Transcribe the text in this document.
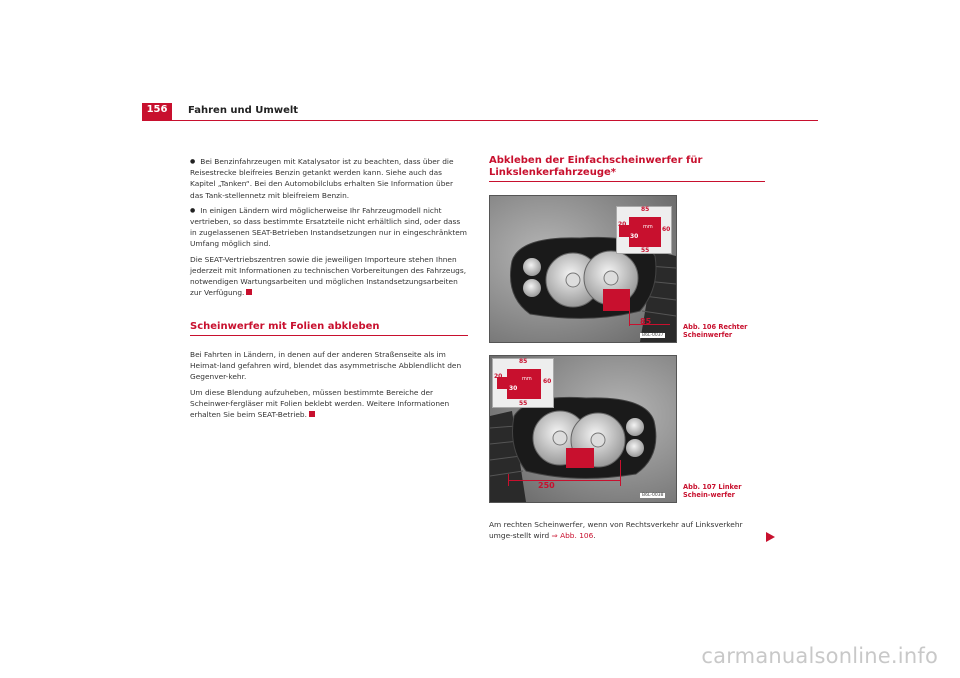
156	Fahren und Umwelt

● Bei Benzinfahrzeugen mit Katalysator ist zu beachten, dass über die Reisestrecke bleifreies Benzin getankt werden kann. Siehe auch das Kapitel „Tanken“. Bei den Automobilclubs erhalten Sie Information über das Tank-stellennetz mit bleifreiem Benzin.

● In einigen Ländern wird möglicherweise Ihr Fahrzeugmodell nicht vertrieben, so dass bestimmte Ersatzteile nicht erhältlich sind, oder dass in zugelassenen SEAT-Betrieben Instandsetzungen nur in eingeschränktem Umfang möglich sind.

Die SEAT-Vertriebszentren sowie die jeweiligen Importeure stehen Ihnen jederzeit mit Informationen zu technischen Vorbereitungen des Fahrzeugs, notwendigen Wartungsarbeiten und möglichen Instandsetzungsarbeiten zur Verfügung.

Scheinwerfer mit Folien abkleben

Bei Fahrten in Ländern, in denen auf der anderen Straßenseite als im Heimat-land gefahren wird, blendet das asymmetrische Abblendlicht den Gegenver-kehr.

Um diese Blendung aufzuheben, müssen bestimmte Bereiche der Scheinwer-fergläser mit Folien beklebt werden. Weitere Informationen erhalten Sie beim SEAT-Betrieb.

Abkleben der Einfachscheinwerfer für Linkslenkerfahrzeuge*
85
20
30
mm 60
55
85
B6L-0037
Abb. 106 Rechter Scheinwerfer
85
20
30
mm 60
55
250
B6L-0038
Abb. 107 Linker Schein-werfer
Am rechten Scheinwerfer, wenn von Rechtsverkehr auf Linksverkehr umge-stellt wird ⇒ Abb. 106.
carmanualsonline.info
